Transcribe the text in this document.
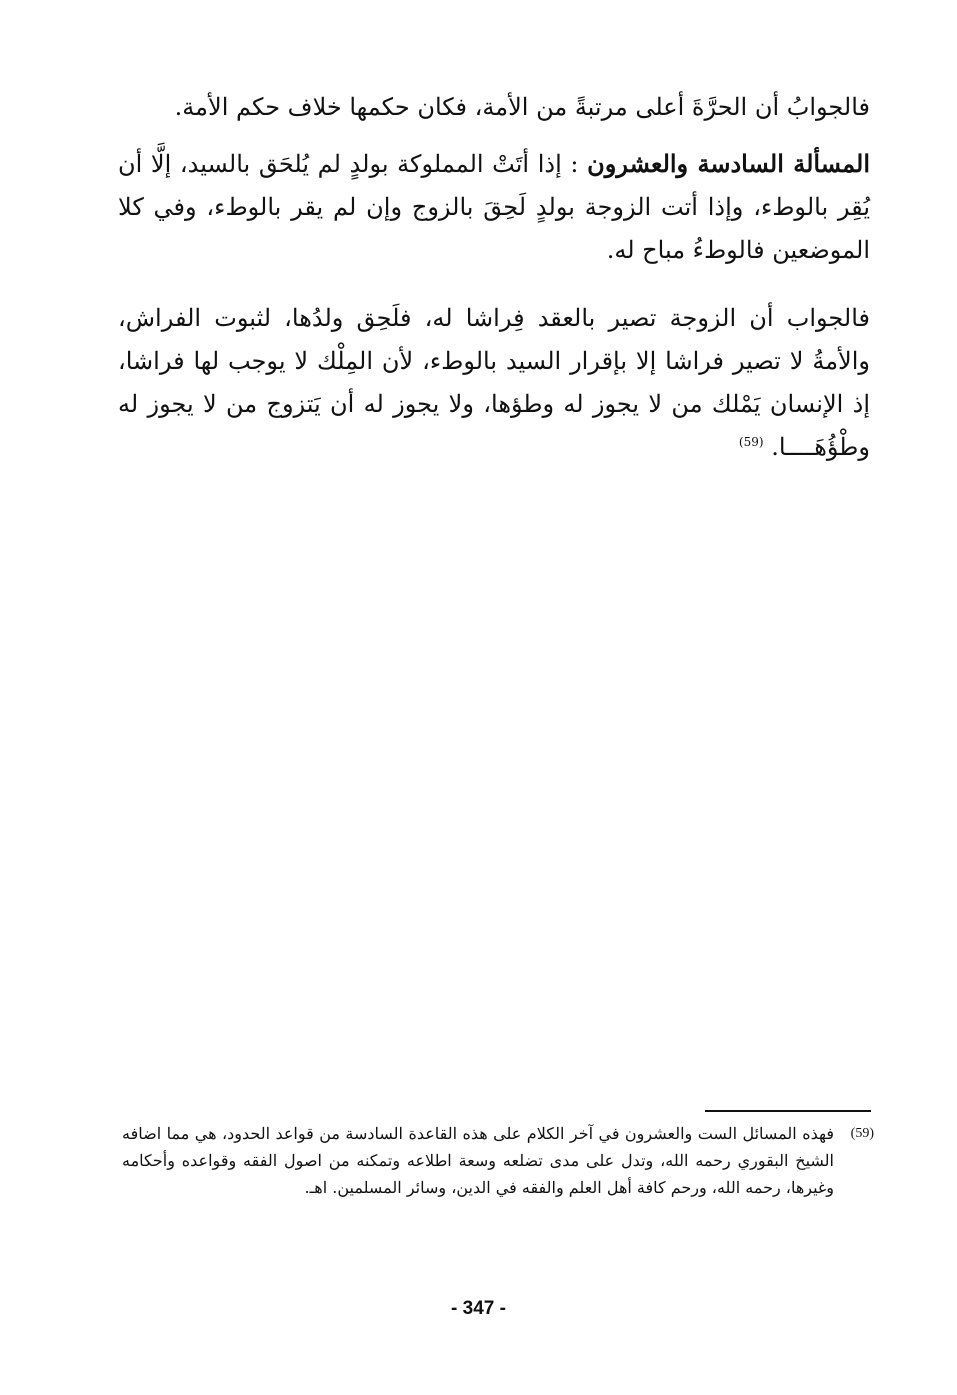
فالجوابُ أن الحرَّةَ أعلى مرتبةً من الأمة، فكان حكمها خلاف حكم الأمة.

المسألة السادسة والعشرون : إذا أتَتْ المملوكة بولدٍ لم يُلحَق بالسيد، إلَّا أن يُقِر بالوطء، وإذا أتت الزوجة بولدٍ لَحِقَ بالزوج وإن لم يقر بالوطء، وفي كلا الموضعين فالوطءُ مباح له.

فالجواب أن الزوجة تصير بالعقد فِراشا له، فلَحِق ولدُها، لثبوت الفراش، والأمةُ لا تصير فراشا إلا بإقرار السيد بالوطء، لأن المِلْك لا يوجب لها فراشا، إذ الإنسان يَمْلك من لا يجوز له وطؤها، ولا يجوز له أن يَتزوج من لا يجوز له وطْؤُهَــــا. $^{(59)}$

(59)
فهذه المسائل الست والعشرون في آخر الكلام على هذه القاعدة السادسة من قواعد الحدود، هي مما اضافه الشيخ البقوري رحمه الله، وتدل على مدى تضلعه وسعة اطلاعه وتمكنه من اصول الفقه وقواعده وأحكامه وغيرها، رحمه الله، ورحم كافة أهل العلم والفقه في الدين، وسائر المسلمين. اهـ.
- 347 -
